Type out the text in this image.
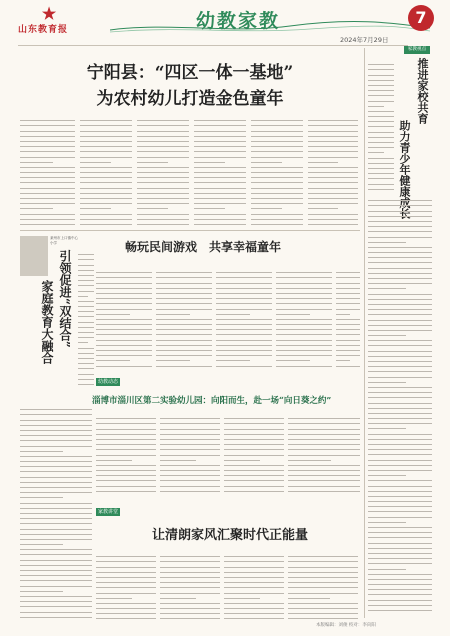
★
山东教育报	幼教家教	7
2024年7月29日
宁阳县：“四区一体一基地”
为农村幼儿打造金色童年
莱州市上口镇中心小学
引领促进“双结合”
家庭教育大融合
畅玩民间游戏　共享幸福童年
幼教动态
淄博市淄川区第二实验幼儿园：向阳而生，赴一场“向日葵之约”
家教讲堂
让清朗家风汇聚时代正能量
家教视点
推进家校共育
助力青少年健康成长
本版编辑：刘俊 校对：李向阳
